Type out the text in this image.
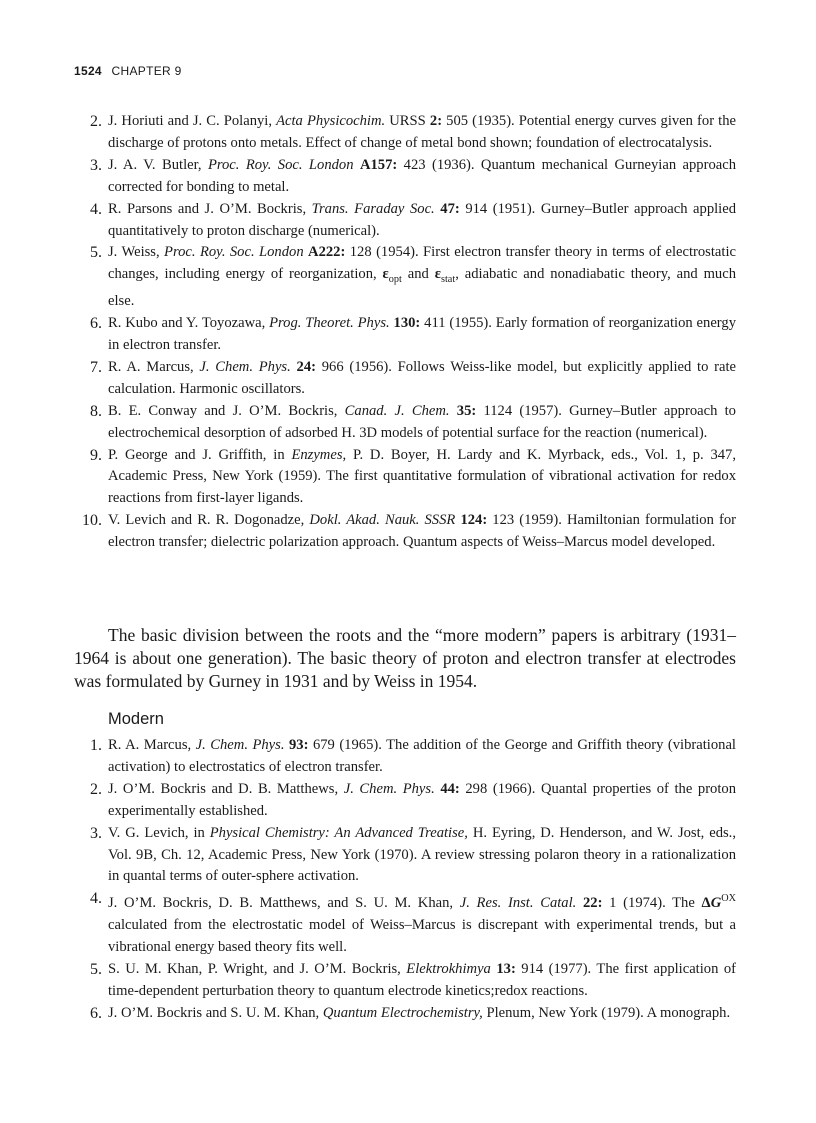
1524 CHAPTER 9
2. J. Horiuti and J. C. Polanyi, Acta Physicochim. URSS 2: 505 (1935). Potential energy curves given for the discharge of protons onto metals. Effect of change of metal bond shown; foundation of electrocatalysis.
3. J. A. V. Butler, Proc. Roy. Soc. London A157: 423 (1936). Quantum mechanical Gurneyian approach corrected for bonding to metal.
4. R. Parsons and J. O’M. Bockris, Trans. Faraday Soc. 47: 914 (1951). Gurney–Butler approach applied quantitatively to proton discharge (numerical).
5. J. Weiss, Proc. Roy. Soc. London A222: 128 (1954). First electron transfer theory in terms of electrostatic changes, including energy of reorganization, $\varepsilon_{opt}$ and $\varepsilon_{stat}$, adiabatic and nonadiabatic theory, and much else.
6. R. Kubo and Y. Toyozawa, Prog. Theoret. Phys. 130: 411 (1955). Early formation of reorganization energy in electron transfer.
7. R. A. Marcus, J. Chem. Phys. 24: 966 (1956). Follows Weiss-like model, but explicitly applied to rate calculation. Harmonic oscillators.
8. B. E. Conway and J. O’M. Bockris, Canad. J. Chem. 35: 1124 (1957). Gurney–Butler approach to electrochemical desorption of adsorbed H. 3D models of potential surface for the reaction (numerical).
9. P. George and J. Griffith, in Enzymes, P. D. Boyer, H. Lardy and K. Myrback, eds., Vol. 1, p. 347, Academic Press, New York (1959). The first quantitative formulation of vibrational activation for redox reactions from first-layer ligands.
10. V. Levich and R. R. Dogonadze, Dokl. Akad. Nauk. SSSR 124: 123 (1959). Hamiltonian formulation for electron transfer; dielectric polarization approach. Quantum aspects of Weiss–Marcus model developed.

The basic division between the roots and the “more modern” papers is arbitrary (1931–1964 is about one generation). The basic theory of proton and electron transfer at electrodes was formulated by Gurney in 1931 and by Weiss in 1954.

Modern
1. R. A. Marcus, J. Chem. Phys. 93: 679 (1965). The addition of the George and Griffith theory (vibrational activation) to electrostatics of electron transfer.
2. J. O’M. Bockris and D. B. Matthews, J. Chem. Phys. 44: 298 (1966). Quantal properties of the proton experimentally established.
3. V. G. Levich, in Physical Chemistry: An Advanced Treatise, H. Eyring, D. Henderson, and W. Jost, eds., Vol. 9B, Ch. 12, Academic Press, New York (1970). A review stressing polaron theory in a rationalization in quantal terms of outer-sphere activation.
4. J. O’M. Bockris, D. B. Matthews, and S. U. M. Khan, J. Res. Inst. Catal. 22: 1 (1974). The $\Delta G^{OX}$ calculated from the electrostatic model of Weiss–Marcus is discrepant with experimental trends, but a vibrational energy based theory fits well.
5. S. U. M. Khan, P. Wright, and J. O’M. Bockris, Elektrokhimya 13: 914 (1977). The first application of time-dependent perturbation theory to quantum electrode kinetics;redox reactions.
6. J. O’M. Bockris and S. U. M. Khan, Quantum Electrochemistry, Plenum, New York (1979). A monograph.
